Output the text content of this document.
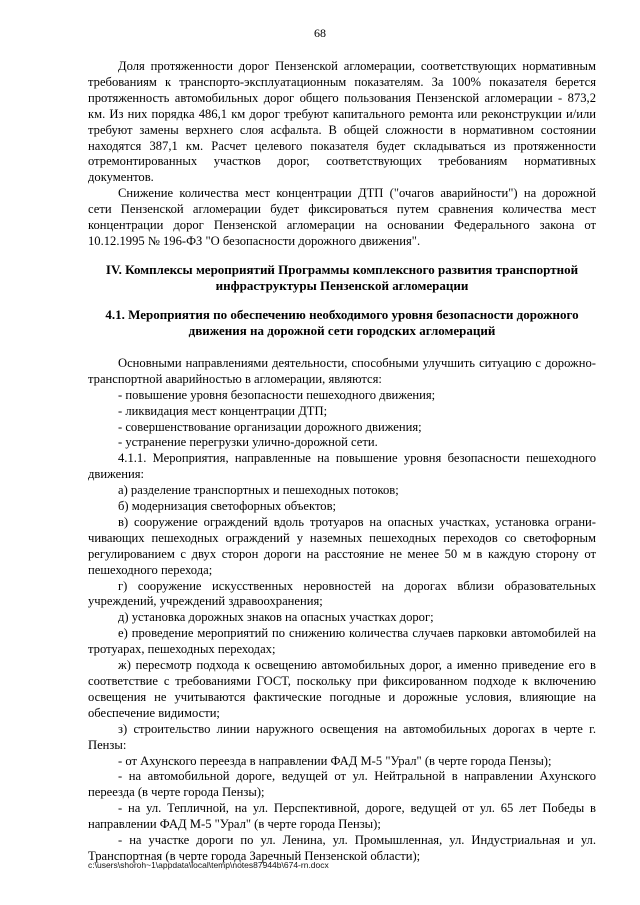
68

Доля протяженности дорог Пензенской агломерации, соответствующих нормативным требованиям к транспорто-эксплуатационным показателям. За 100% показателя берется протяженность автомобильных дорог общего пользования Пензенской агломерации - 873,2 км. Из них порядка 486,1 км дорог требуют капитального ремонта или реконструкции и/или требуют замены верхнего слоя асфальта. В общей сложности в нормативном состоянии находятся 387,1 км. Расчет целевого показателя будет складываться из протяженности отремонтированных участков дорог, соответствующих требованиям нормативных документов.

Снижение количества мест концентрации ДТП ("очагов аварийности") на дорожной сети Пензенской агломерации будет фиксироваться путем сравнения количества мест концентрации дорог Пензенской агломерации на основании Федерального закона от 10.12.1995 № 196-ФЗ "О безопасности дорожного движения".

IV. Комплексы мероприятий Программы комплексного развития транспортной инфраструктуры Пензенской агломерации
4.1. Мероприятия по обеспечению необходимого уровня безопасности дорожного движения на дорожной сети городских агломераций

Основными направлениями деятельности, способными улучшить ситуацию с дорожно-транспортной аварийностью в агломерации, являются:

- повышение уровня безопасности пешеходного движения;

- ликвидация мест концентрации ДТП;

- совершенствование организации дорожного движения;

- устранение перегрузки улично-дорожной сети.

4.1.1. Мероприятия, направленные на повышение уровня безопасности пешеходного движения:

а) разделение транспортных и пешеходных потоков;

б) модернизация светофорных объектов;

в) сооружение ограждений вдоль тротуаров на опасных участках, установка ограни-чивающих пешеходных ограждений у наземных пешеходных переходов со светофорным регулированием с двух сторон дороги на расстояние не менее 50 м в каждую сторону от пешеходного перехода;

г) сооружение искусственных неровностей на дорогах вблизи образовательных учреждений, учреждений здравоохранения;

д) установка дорожных знаков на опасных участках дорог;

е) проведение мероприятий по снижению количества случаев парковки автомобилей на тротуарах, пешеходных переходах;

ж) пересмотр подхода к освещению автомобильных дорог, а именно приведение его в соответствие с требованиями ГОСТ, поскольку при фиксированном подходе к включению освещения не учитываются фактические погодные и дорожные условия, влияющие на обеспечение видимости;

з) строительство линии наружного освещения на автомобильных дорогах в черте г. Пензы:

- от Ахунского переезда в направлении ФАД М-5 "Урал" (в черте города Пензы);

- на автомобильной дороге, ведущей от ул. Нейтральной в направлении Ахунского переезда (в черте города Пензы);

- на ул. Тепличной, на ул. Перспективной, дороге, ведущей от ул. 65 лет Победы в направлении ФАД М-5 "Урал" (в черте города Пензы);

- на участке дороги по ул. Ленина, ул. Промышленная, ул. Индустриальная и ул. Транспортная (в черте города Заречный Пензенской области);

c:\users\shoroh~1\appdata\local\temp\notes87944b\674-rn.docx
